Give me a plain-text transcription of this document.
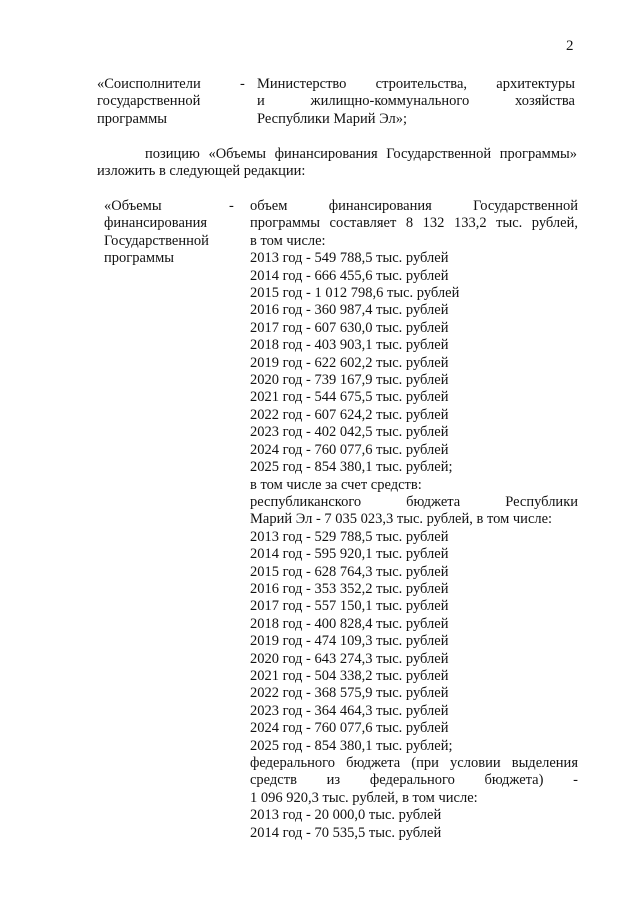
2
«Соисполнители
государственной
программы
- Министерство строительства, архитектуры
и жилищно-коммунального хозяйства
Республики Марий Эл»;
позицию «Объемы финансирования Государственной программы»
изложить в следующей редакции:
«Объемы
финансирования
Государственной
программы
- объем финансирования Государственной
программы составляет 8 132 133,2 тыс. рублей,
в том числе:
2013 год - 549 788,5 тыс. рублей
2014 год - 666 455,6 тыс. рублей
2015 год - 1 012 798,6 тыс. рублей
2016 год - 360 987,4 тыс. рублей
2017 год - 607 630,0 тыс. рублей
2018 год - 403 903,1 тыс. рублей
2019 год - 622 602,2 тыс. рублей
2020 год - 739 167,9 тыс. рублей
2021 год - 544 675,5 тыс. рублей
2022 год - 607 624,2 тыс. рублей
2023 год - 402 042,5 тыс. рублей
2024 год - 760 077,6 тыс. рублей
2025 год - 854 380,1 тыс. рублей;
в том числе за счет средств:
республиканского бюджета Республики
Марий Эл - 7 035 023,3 тыс. рублей, в том числе:
2013 год - 529 788,5 тыс. рублей
2014 год - 595 920,1 тыс. рублей
2015 год - 628 764,3 тыс. рублей
2016 год - 353 352,2 тыс. рублей
2017 год - 557 150,1 тыс. рублей
2018 год - 400 828,4 тыс. рублей
2019 год - 474 109,3 тыс. рублей
2020 год - 643 274,3 тыс. рублей
2021 год - 504 338,2 тыс. рублей
2022 год - 368 575,9 тыс. рублей
2023 год - 364 464,3 тыс. рублей
2024 год - 760 077,6 тыс. рублей
2025 год - 854 380,1 тыс. рублей;
федерального бюджета (при условии выделения
средств из федерального бюджета) -
1 096 920,3 тыс. рублей, в том числе:
2013 год - 20 000,0 тыс. рублей
2014 год - 70 535,5 тыс. рублей
